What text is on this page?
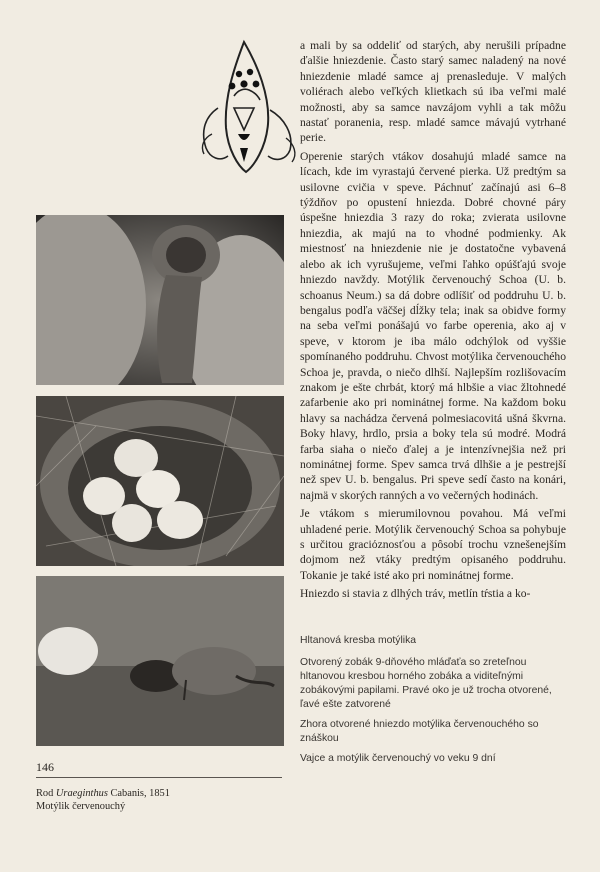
a mali by sa oddeliť od starých, aby nerušili prípadne ďalšie hniezdenie. Často starý samec naladený na nové hniezdenie mladé samce aj prenasleduje. V malých voliérach alebo veľkých klietkach sú iba veľmi malé možnosti, aby sa samce navzájom vyhli a tak môžu nastať poranenia, resp. mladé samce mávajú vytrhané perie.

Operenie starých vtákov dosahujú mladé samce na lícach, kde im vyrastajú červené pierka. Už predtým sa usilovne cvičia v speve. Páchnuť začínajú asi 6–8 týždňov po opustení hniezda. Dobré chovné páry úspešne hniezdia 3 razy do roka; zvierata usilovne hniezdia, ak majú na to vhodné podmienky. Ak miestnosť na hniezdenie nie je dostatočne vybavená alebo ak ich vyrušujeme, veľmi ľahko opúšťajú svoje hniezdo navždy. Motýlik červenouchý Schoa (U. b. schoanus Neum.) sa dá dobre odlíšiť od poddruhu U. b. bengalus podľa väčšej dĺžky tela; inak sa obidve formy na seba veľmi ponášajú vo farbe operenia, ako aj v speve, v ktorom je iba málo odchýlok od vyššie spomínaného poddruhu. Chvost motýlika červenouchého Schoa je, pravda, o niečo dlhší. Najlepším rozlišovacím znakom je ešte chrbát, ktorý má hlbšie a viac žltohnedé zafarbenie ako pri nominátnej forme. Na každom boku hlavy sa nachádza červená polmesiacovitá ušná škvrna. Boky hlavy, hrdlo, prsia a boky tela sú modré. Modrá farba siaha o niečo ďalej a je intenzívnejšia než pri nominátnej forme. Spev samca trvá dlhšie a je pestrejší než spev U. b. bengalus. Pri speve sedí často na konári, najmä v skorých ranných a vo večerných hodinách.

Je vtákom s mierumilovnou povahou. Má veľmi uhladené perie. Motýlik červenouchý Schoa sa pohybuje s určitou graciόznosťou a pôsobí trochu vznešenejším dojmom než vtáky predtým opisaného poddruhu. Tokanie je také isté ako pri nominátnej forme.

Hniezdo si stavia z dlhých tráv, metlín tŕstia a ko-

Hltanová kresba motýlika

Otvorený zobák 9-dňového mláďaťa so zreteľnou hltanovou kresbou horného zobáka a viditeľnými zobákovými papilami. Pravé oko je už trocha otvorené, ľavé ešte zatvorené

Zhora otvorené hniezdo motýlika červenouchého so znáškou

Vajce a motýlik červenouchý vo veku 9 dní

146
Rod Uraeginthus Cabanis, 1851
Motýlik červenouchý
